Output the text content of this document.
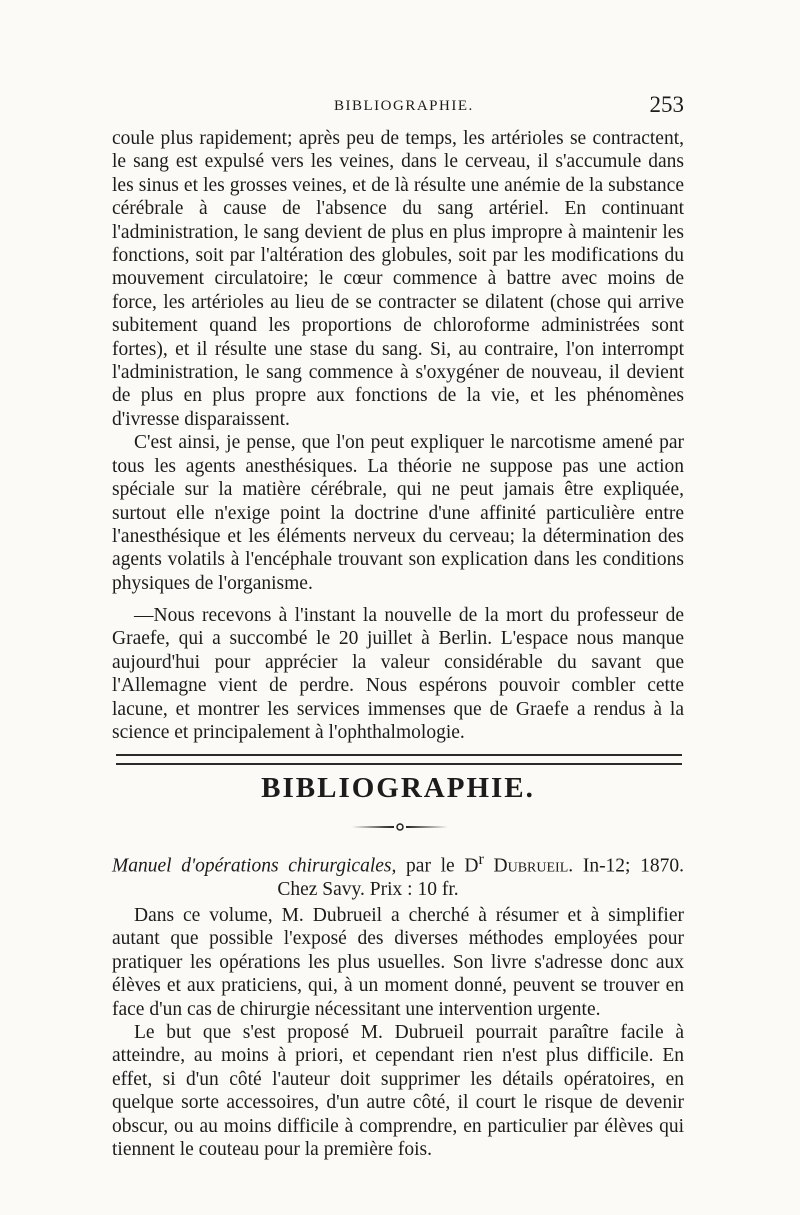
BIBLIOGRAPHIE.	253

coule plus rapidement; après peu de temps, les artérioles se contractent, le sang est expulsé vers les veines, dans le cerveau, il s'accumule dans les sinus et les grosses veines, et de là résulte une anémie de la substance cérébrale à cause de l'absence du sang artériel. En continuant l'administration, le sang devient de plus en plus impropre à maintenir les fonctions, soit par l'altération des globules, soit par les modifications du mouvement circulatoire; le cœur commence à battre avec moins de force, les artérioles au lieu de se contracter se dilatent (chose qui arrive subitement quand les proportions de chloroforme administrées sont fortes), et il résulte une stase du sang. Si, au contraire, l'on interrompt l'administration, le sang commence à s'oxygéner de nouveau, il devient de plus en plus propre aux fonctions de la vie, et les phénomènes d'ivresse disparaissent.

C'est ainsi, je pense, que l'on peut expliquer le narcotisme amené par tous les agents anesthésiques. La théorie ne suppose pas une action spéciale sur la matière cérébrale, qui ne peut jamais être expliquée, surtout elle n'exige point la doctrine d'une affinité particulière entre l'anesthésique et les éléments nerveux du cerveau; la détermination des agents volatils à l'encéphale trouvant son explication dans les conditions physiques de l'organisme.

—Nous recevons à l'instant la nouvelle de la mort du professeur de Graefe, qui a succombé le 20 juillet à Berlin. L'espace nous manque aujourd'hui pour apprécier la valeur considérable du savant que l'Allemagne vient de perdre. Nous espérons pouvoir combler cette lacune, et montrer les services immenses que de Graefe a rendus à la science et principalement à l'ophthalmologie.

BIBLIOGRAPHIE.
Manuel d'opérations chirurgicales, par le $D^r$ Dubrueil. In-12; 1870.
Chez Savy. Prix : 10 fr.

Dans ce volume, M. Dubrueil a cherché à résumer et à simplifier autant que possible l'exposé des diverses méthodes employées pour pratiquer les opérations les plus usuelles. Son livre s'adresse donc aux élèves et aux praticiens, qui, à un moment donné, peuvent se trouver en face d'un cas de chirurgie nécessitant une intervention urgente.

Le but que s'est proposé M. Dubrueil pourrait paraître facile à atteindre, au moins à priori, et cependant rien n'est plus difficile. En effet, si d'un côté l'auteur doit supprimer les détails opératoires, en quelque sorte accessoires, d'un autre côté, il court le risque de devenir obscur, ou au moins difficile à comprendre, en particulier par élèves qui tiennent le couteau pour la première fois.
